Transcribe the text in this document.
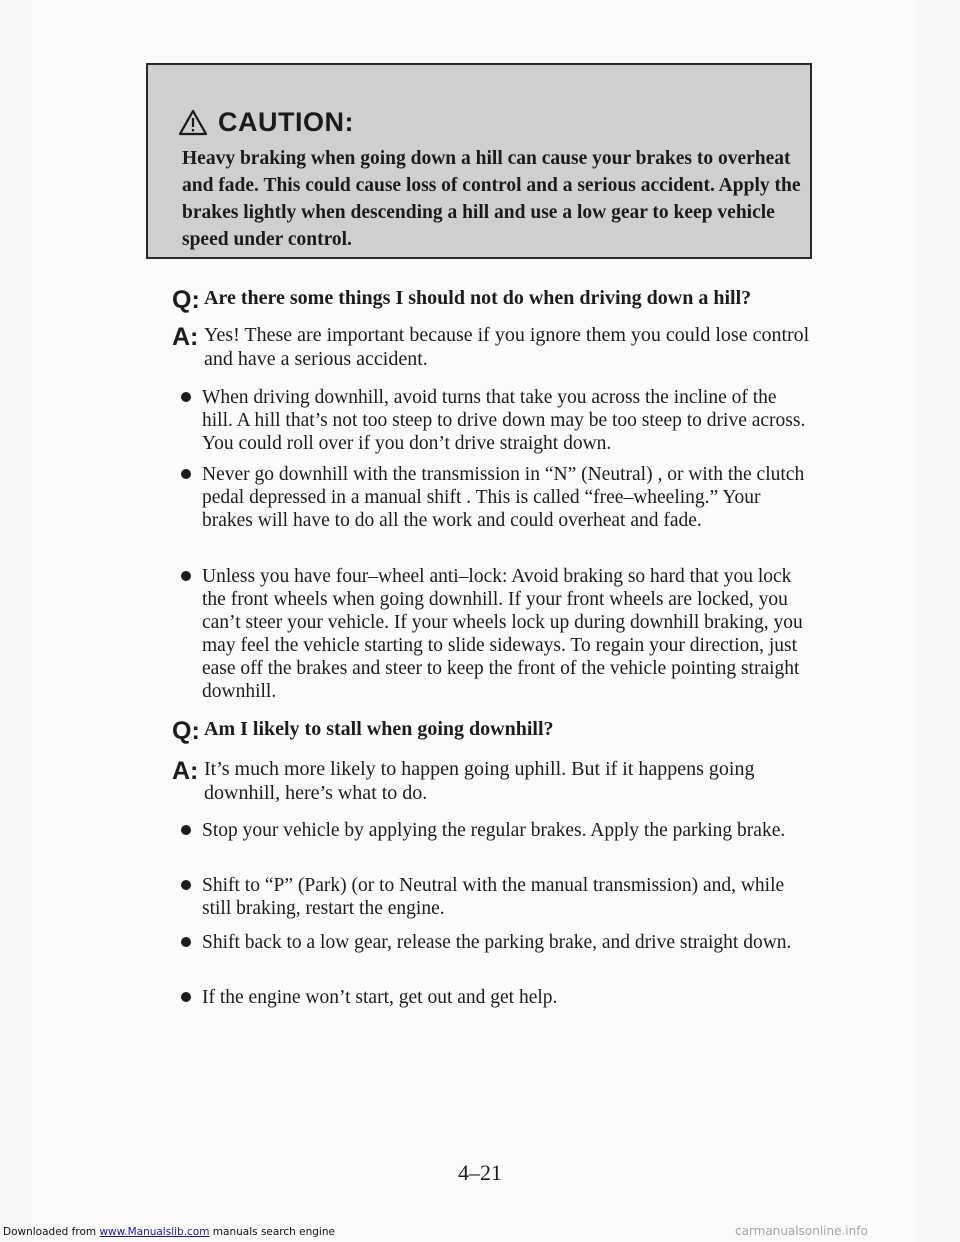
CAUTION:
Heavy braking when going down a hill can cause your brakes to overheat and fade. This could cause loss of control and a serious accident. Apply the brakes lightly when descending a hill and use a low gear to keep vehicle speed under control.
Q: Are there some things I should not do when driving down a hill?
A: Yes! These are important because if you ignore them you could lose control and have a serious accident.
When driving downhill, avoid turns that take you across the incline of the hill. A hill that’s not too steep to drive down may be too steep to drive across. You could roll over if you don’t drive straight down.
Never go downhill with the transmission in “N” (Neutral) , or with the clutch pedal depressed in a manual shift . This is called “free–wheeling.” Your brakes will have to do all the work and could overheat and fade.
Unless you have four–wheel anti–lock: Avoid braking so hard that you lock the front wheels when going downhill. If your front wheels are locked, you can’t steer your vehicle. If your wheels lock up during downhill braking, you may feel the vehicle starting to slide sideways. To regain your direction, just ease off the brakes and steer to keep the front of the vehicle pointing straight downhill.
Q: Am I likely to stall when going downhill?
A: It’s much more likely to happen going uphill. But if it happens going downhill, here’s what to do.
Stop your vehicle by applying the regular brakes. Apply the parking brake.
Shift to “P” (Park) (or to Neutral with the manual transmission) and, while still braking, restart the engine.
Shift back to a low gear, release the parking brake, and drive straight down.
If the engine won’t start, get out and get help.
4–21
Downloaded from www.Manualslib.com manuals search engine	carmanualsonline.info
